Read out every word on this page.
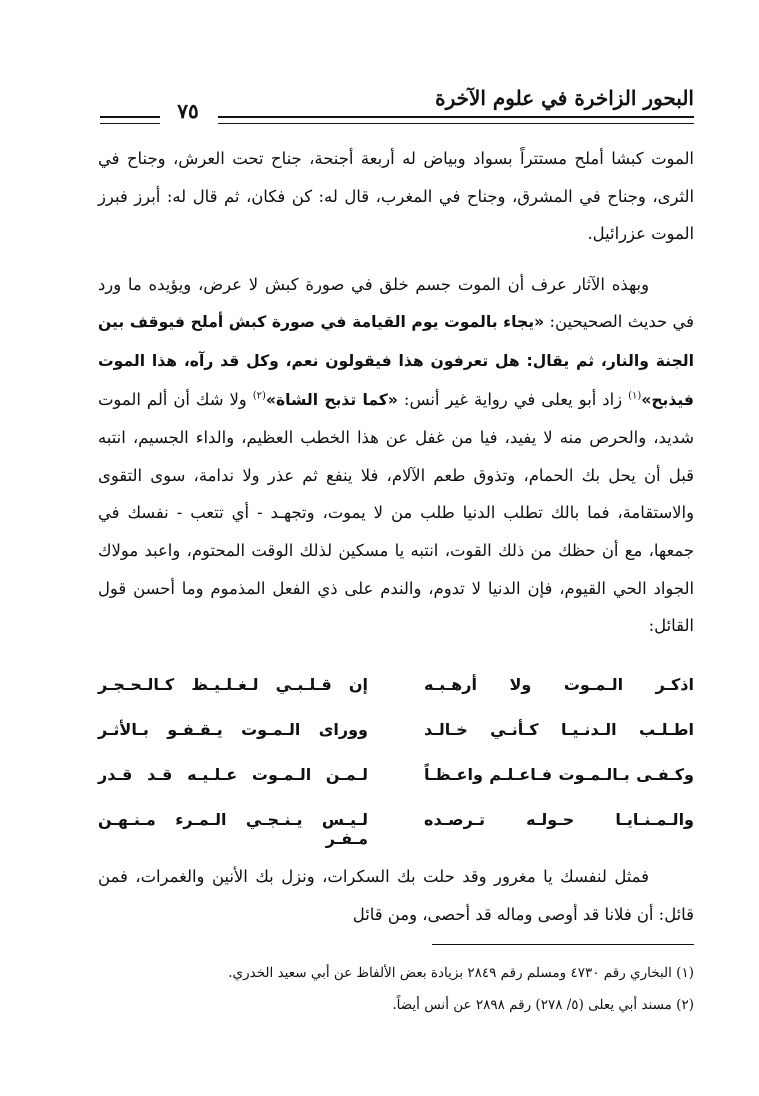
البحور الزاخرة في علوم الآخرة
٧٥

الموت كبشا أملح مستتراً بسواد وبياض له أربعة أجنحة، جناح تحت العرش، وجناح في الثرى، وجناح في المشرق، وجناح في المغرب، قال له: كن فكان، ثم قال له: أبرز فبرز الموت عزرائيل.

وبهذه الآثار عرف أن الموت جسم خلق في صورة كبش لا عرض، ويؤيده ما ورد في حديث الصحيحين: «يجاء بالموت يوم القيامة في صورة كبش أملح فيوقف بين الجنة والنار، ثم يقال: هل تعرفون هذا فيقولون نعم، وكل قد رآه، هذا الموت فيذبح»$^{(١)}$ زاد أبو يعلى في رواية غير أنس: «كما تذبح الشاة»$^{(٢)}$ ولا شك أن ألم الموت شديد، والحرص منه لا يفيد، فيا من غفل عن هذا الخطب العظيم، والداء الجسيم، انتبه قبل أن يحل بك الحمام، وتذوق طعم الآلام، فلا ينفع ثم عذر ولا ندامة، سوى التقوى والاستقامة، فما بالك تطلب الدنيا طلب من لا يموت، وتجهـد - أي تتعب - نفسك في جمعها، مع أن حظك من ذلك القوت، انتبه يا مسكين لذلك الوقت المحتوم، واعبد مولاك الجواد الحي القيوم، فإن الدنيا لا تدوم، والندم على ذي الفعل المذموم وما أحسن قول القائل:

اذكـر الـمـوت ولا أرهـبـه
إن قـلـبـي لـغـلـيـظ كـالـحـجـر
اطـلـب الـدنـيـا كـأنـي خـالـد
وورای الـمـوت يـقـفـو بـالأثـر
وكـفـى بـالـمـوت فـاعـلـم واعـظـاً
لـمـن الـمـوت عـلـيـه قـد قـدر
والـمـنـايـا حـولـه تـرصـده
لـيـس يـنـجـي الـمـرء مـنـهـن مـفـر

فمثل لنفسك يا مغرور وقد حلت بك السكرات، ونزل بك الأنين والغمرات، فمن قائل: أن فلانا قد أوصى وماله قد أحصى، ومن قائل

(١) البخاري رقم ٤٧٣٠ ومسلم رقم ٢٨٤٩ بزيادة بعض الألفاظ عن أبي سعيد الخدري.
(٢) مسند أبي يعلى (٥/ ٢٧٨) رقم ٢٨٩٨ عن أنس أيضاً.
